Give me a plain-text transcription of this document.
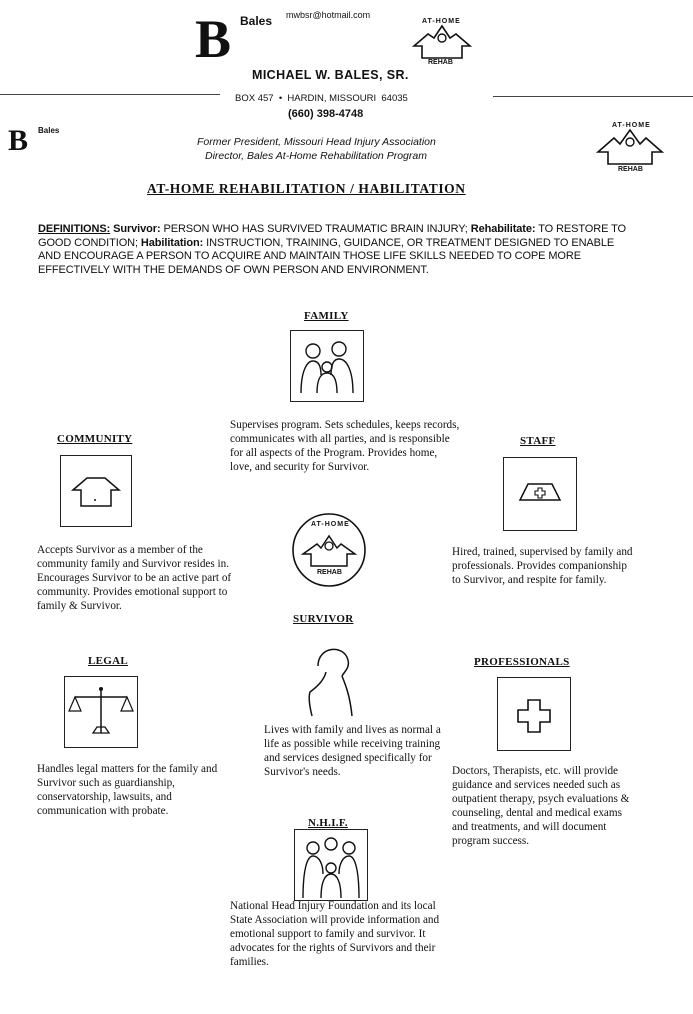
B Bales mwbsr@hotmail.com
MICHAEL W. BALES, SR.
BOX 457  •  HARDIN, MISSOURI  64035
(660) 398-4748
AT-HOME
REHAB
B Bales
Former President, Missouri Head Injury Association
Director, Bales At-Home Rehabilitation Program
AT-HOME
REHAB
AT-HOME REHABILITATION / HABILITATION
DEFINITIONS: Survivor: PERSON WHO HAS SURVIVED TRAUMATIC BRAIN INJURY; Rehabilitate: TO RESTORE TO GOOD CONDITION; Habilitation: INSTRUCTION, TRAINING, GUIDANCE, OR TREATMENT DESIGNED TO ENABLE AND ENCOURAGE A PERSON TO ACQUIRE AND MAINTAIN THOSE LIFE SKILLS NEEDED TO COPE MORE EFFECTIVELY WITH THE DEMANDS OF OWN PERSON AND ENVIRONMENT.
FAMILY
Supervises program. Sets schedules, keeps records, communicates with all parties, and is responsible for all aspects of the Program. Provides home, love, and security for Survivor.
COMMUNITY
Accepts Survivor as a member of the community family and Survivor resides in. Encourages Survivor to be an active part of community. Provides emotional support to family & Survivor.
STAFF
Hired, trained, supervised by family and professionals. Provides companionship to Survivor, and respite for family.
AT-HOME
REHAB
SURVIVOR
Lives with family and lives as normal a life as possible while receiving training and services designed specifically for Survivor's needs.
LEGAL
Handles legal matters for the family and Survivor such as guardianship, conservatorship, lawsuits, and communication with probate.
PROFESSIONALS
Doctors, Therapists, etc. will provide guidance and services needed such as outpatient therapy, psych evaluations & counseling, dental and medical exams and treatments, and will document program success.
N.H.I.F.
National Head Injury Foundation and its local State Association will provide information and emotional support to family and survivor. It advocates for the rights of Survivors and their families.
